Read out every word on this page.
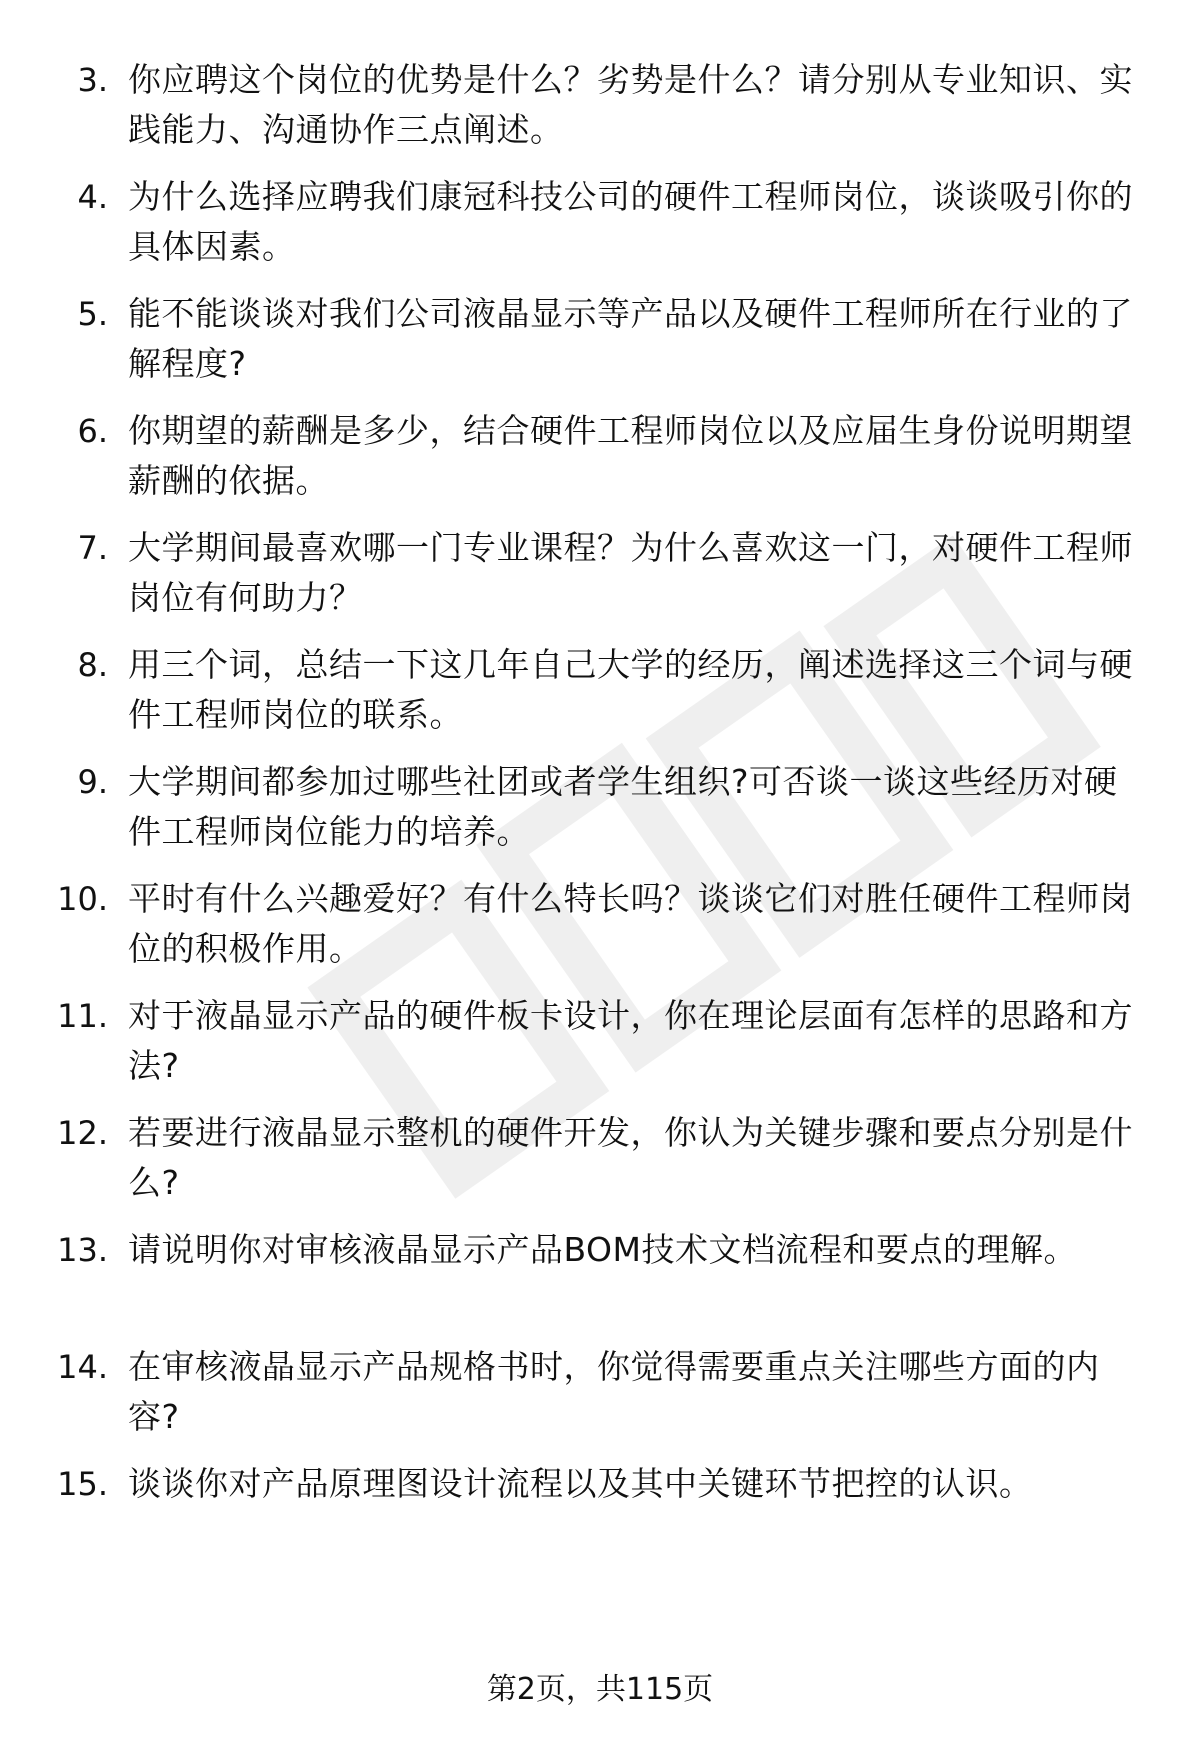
3. 你应聘这个岗位的优势是什么？劣势是什么？请分别从专业知识、实践能力、沟通协作三点阐述。
4. 为什么选择应聘我们康冠科技公司的硬件工程师岗位，谈谈吸引你的具体因素。
5. 能不能谈谈对我们公司液晶显示等产品以及硬件工程师所在行业的了解程度?
6. 你期望的薪酬是多少，结合硬件工程师岗位以及应届生身份说明期望薪酬的依据。
7. 大学期间最喜欢哪一门专业课程？为什么喜欢这一门，对硬件工程师岗位有何助力？
8. 用三个词，总结一下这几年自己大学的经历，阐述选择这三个词与硬件工程师岗位的联系。
9. 大学期间都参加过哪些社团或者学生组织?可否谈一谈这些经历对硬件工程师岗位能力的培养。
10. 平时有什么兴趣爱好？有什么特长吗？谈谈它们对胜任硬件工程师岗位的积极作用。
11. 对于液晶显示产品的硬件板卡设计，你在理论层面有怎样的思路和方法?
12. 若要进行液晶显示整机的硬件开发，你认为关键步骤和要点分别是什么?
13. 请说明你对审核液晶显示产品BOM技术文档流程和要点的理解。
14. 在审核液晶显示产品规格书时，你觉得需要重点关注哪些方面的内容?
15. 谈谈你对产品原理图设计流程以及其中关键环节把控的认识。
第2页，共115页
